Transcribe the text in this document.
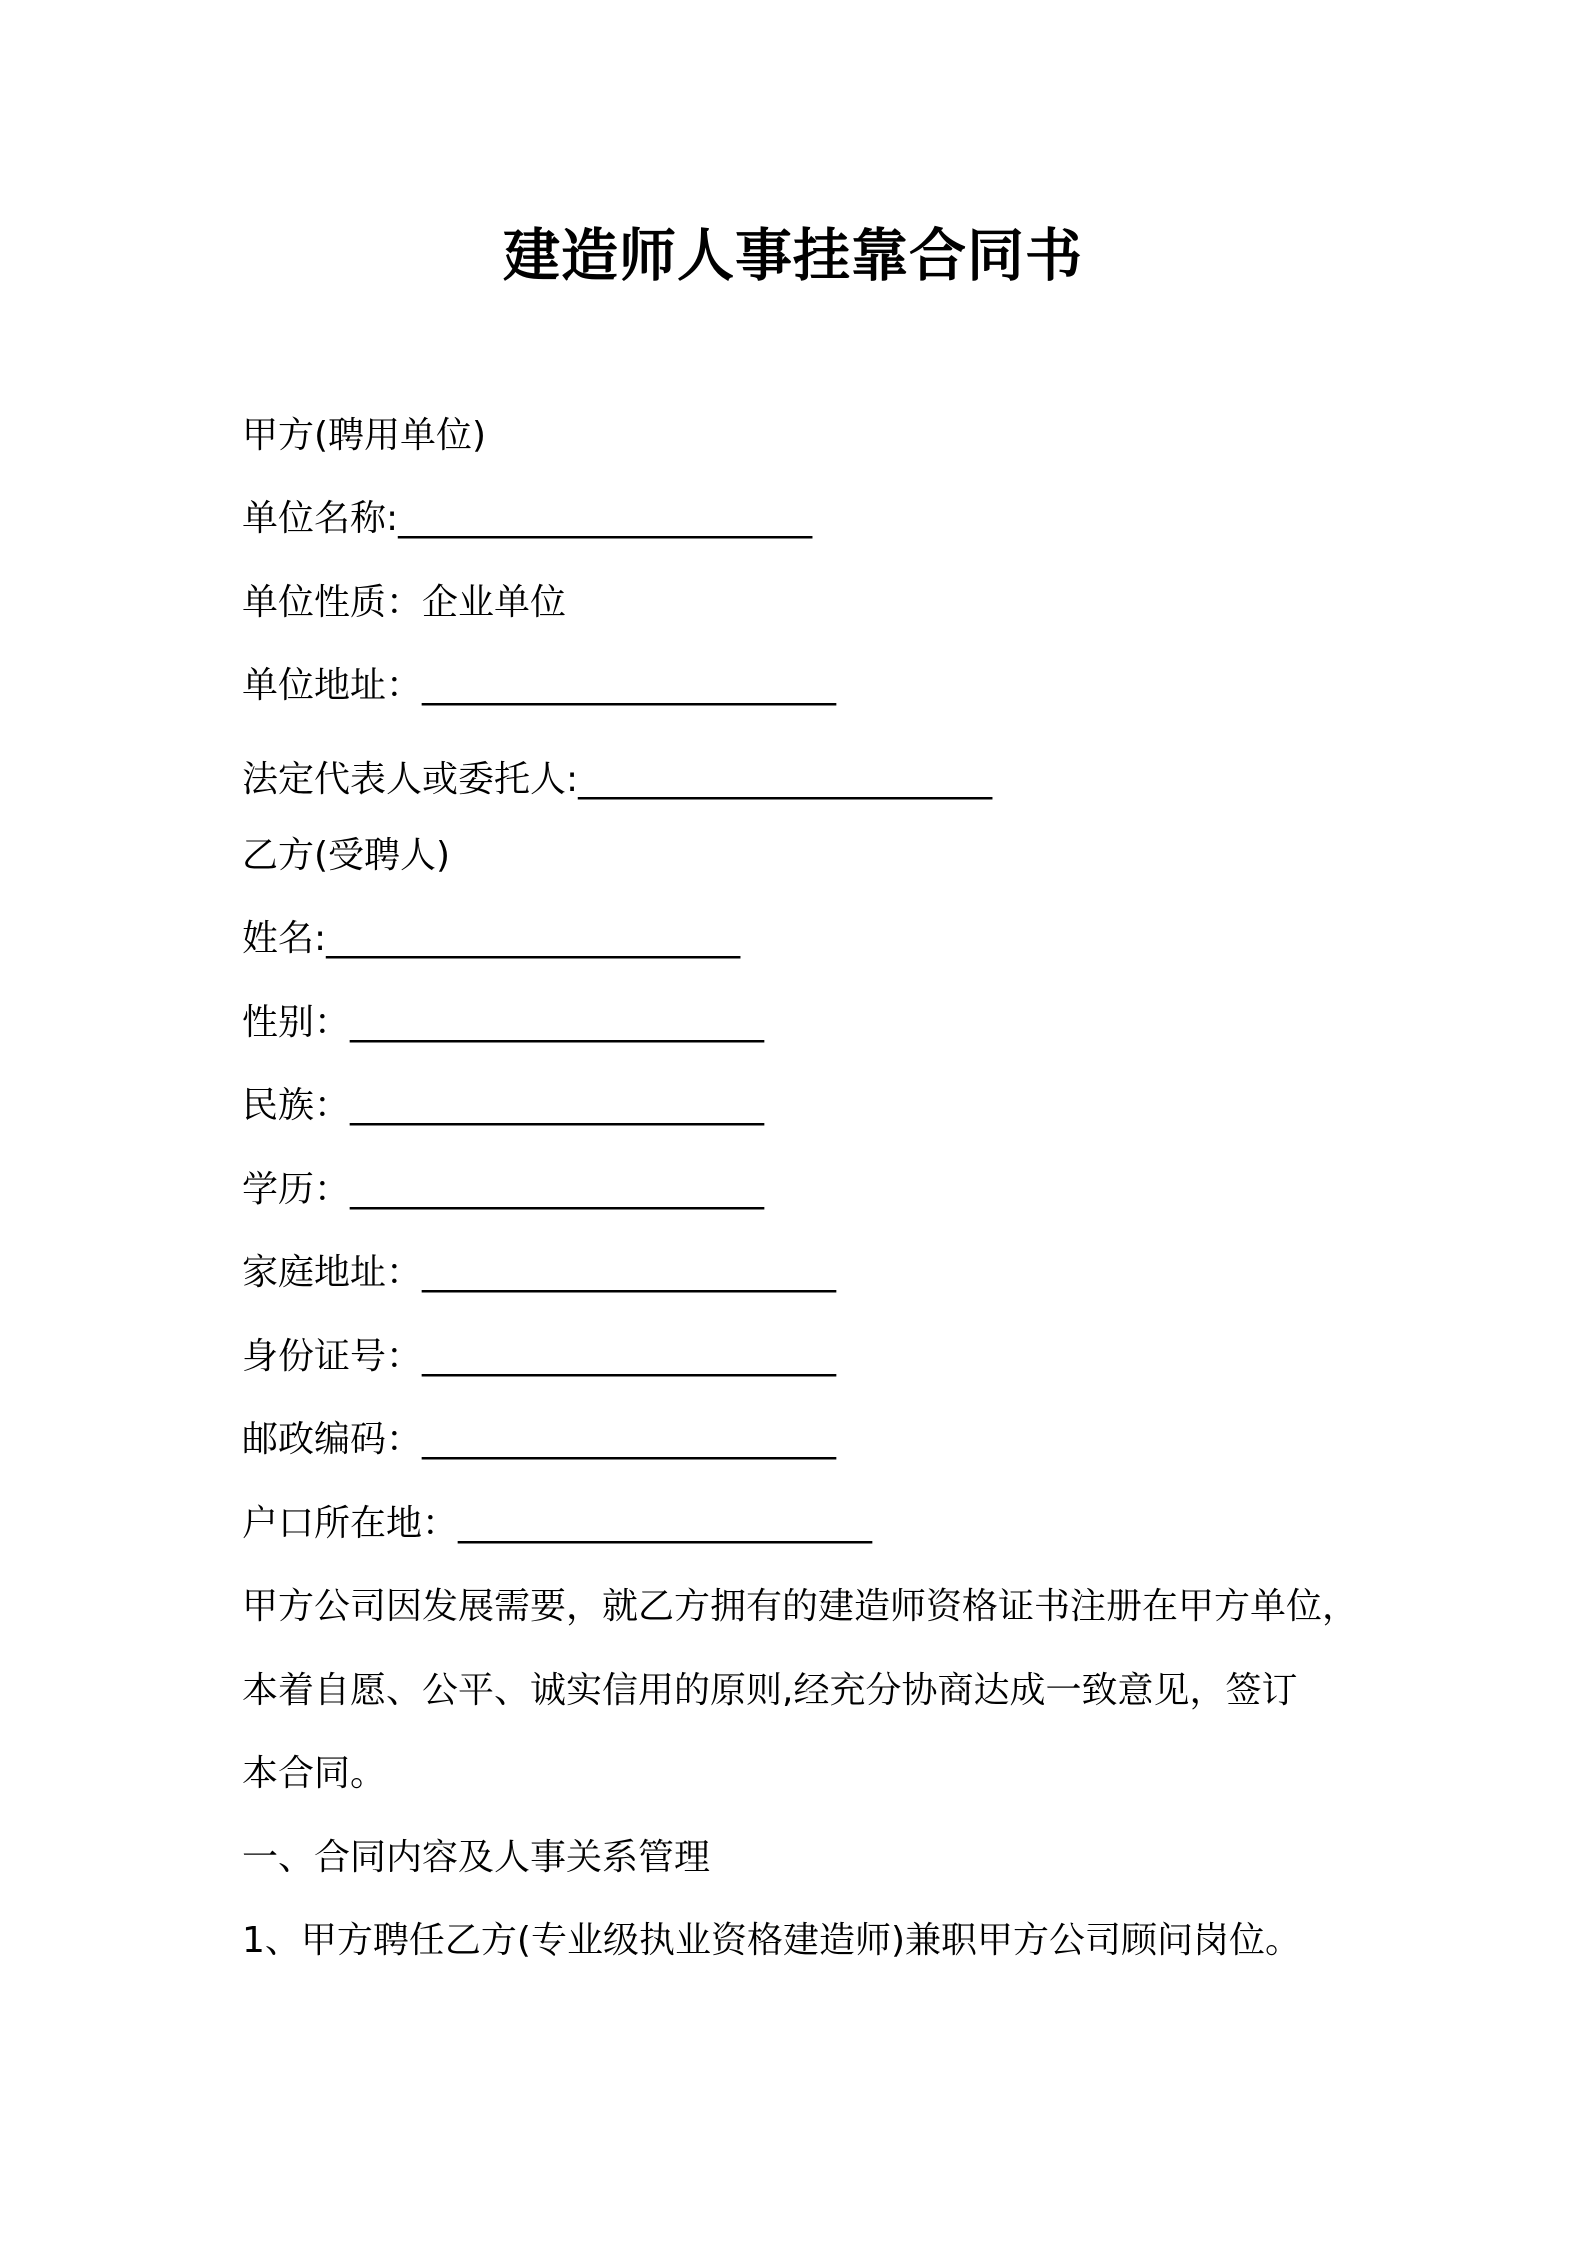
建造师人事挂靠合同书
甲方(聘用单位)
单位名称:_______________________
单位性质：企业单位
单位地址：_______________________
法定代表人或委托人:_______________________
乙方(受聘人)
姓名:_______________________
性别：_______________________
民族：_______________________
学历：_______________________
家庭地址：_______________________
身份证号：_______________________
邮政编码：_______________________
户口所在地：_______________________
甲方公司因发展需要，就乙方拥有的建造师资格证书注册在甲方单位，
本着自愿、公平、诚实信用的原则,经充分协商达成一致意见，签订
本合同。
一、合同内容及人事关系管理
1、甲方聘任乙方(专业级执业资格建造师)兼职甲方公司顾问岗位。
